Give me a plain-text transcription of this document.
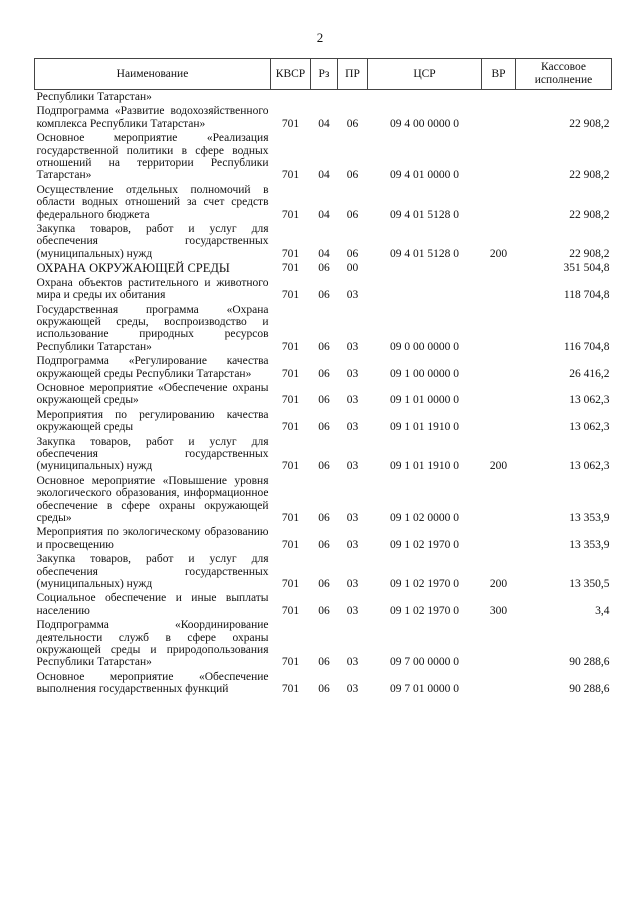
2
Наименование	КВСР	Рз	ПР	ЦСР	ВР	Кассовое исполнение
Республики Татарстан»						
Подпрограмма «Развитие водохозяйственного комплекса Республики Татарстан»	701	04	06	09 4 00 0000 0		22 908,2
Основное мероприятие «Реализация государственной политики в сфере водных отношений на территории Республики Татарстан»	701	04	06	09 4 01 0000 0		22 908,2
Осуществление отдельных полномочий в области водных отношений за счет средств федерального бюджета	701	04	06	09 4 01 5128 0		22 908,2
Закупка товаров, работ и услуг для обеспечения государственных (муниципальных) нужд	701	04	06	09 4 01 5128 0	200	22 908,2
ОХРАНА ОКРУЖАЮЩЕЙ СРЕДЫ	701	06	00			351 504,8
Охрана объектов растительного и животного мира и среды их обитания	701	06	03			118 704,8
Государственная программа «Охрана окружающей среды, воспроизводство и использование природных ресурсов Республики Татарстан»	701	06	03	09 0 00 0000 0		116 704,8
Подпрограмма «Регулирование качества окружающей среды Республики Татарстан»	701	06	03	09 1 00 0000 0		26 416,2
Основное мероприятие «Обеспечение охраны окружающей среды»	701	06	03	09 1 01 0000 0		13 062,3
Мероприятия по регулированию качества окружающей среды	701	06	03	09 1 01 1910 0		13 062,3
Закупка товаров, работ и услуг для обеспечения государственных (муниципальных) нужд	701	06	03	09 1 01 1910 0	200	13 062,3
Основное мероприятие «Повышение уровня экологического образования, информационное обеспечение в сфере охраны окружающей среды»	701	06	03	09 1 02 0000 0		13 353,9
Мероприятия по экологическому образованию и просвещению	701	06	03	09 1 02 1970 0		13 353,9
Закупка товаров, работ и услуг для обеспечения государственных (муниципальных) нужд	701	06	03	09 1 02 1970 0	200	13 350,5
Социальное обеспечение и иные выплаты населению	701	06	03	09 1 02 1970 0	300	3,4
Подпрограмма «Координирование деятельности служб в сфере охраны окружающей среды и природопользования Республики Татарстан»	701	06	03	09 7 00 0000 0		90 288,6
Основное мероприятие «Обеспечение выполнения государственных функций	701	06	03	09 7 01 0000 0		90 288,6
